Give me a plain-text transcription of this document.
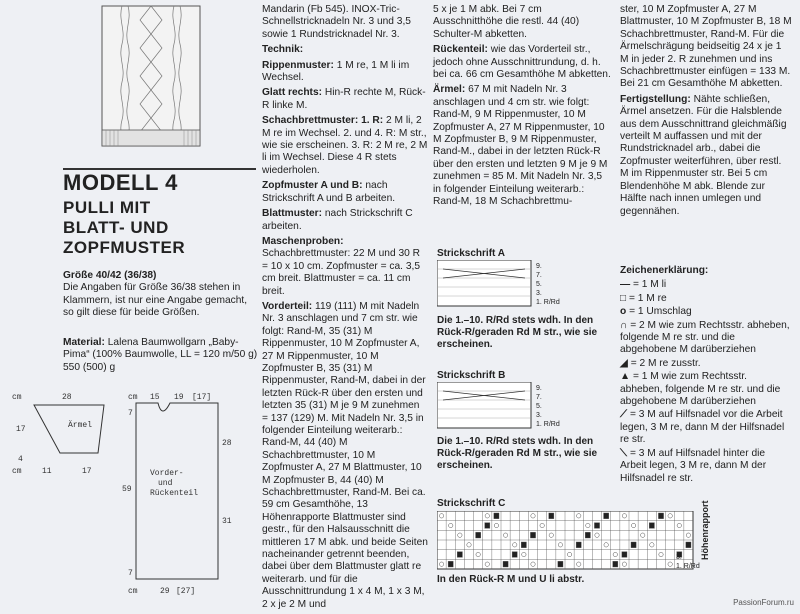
MODELL 4
PULLI MIT
BLATT- UND
ZOPFMUSTER
Größe 40/42 (36/38)
Die Angaben für Größe 36/38 stehen in Klammern, ist nur eine Angabe gemacht, so gilt diese für beide Größen.
Material: Lalena Baumwollgarn „Baby-Pima“ (100% Baumwolle, LL = 120 m/50 g) 550 (500) g
cm	28
17
4
cm	11	17
Ärmel
cm 15 19 [17]
7
28
31
59
Vorder-
und
Rückenteil
7
cm	29 [27]

Mandarin (Fb 545). INOX-Tric-Schnellstricknadeln Nr. 3 und 3,5 sowie 1 Rundstricknadel Nr. 3.

Technik:

Rippenmuster: 1 M re, 1 M li im Wechsel.

Glatt rechts: Hin-R rechte M, Rück-R linke M.

Schachbrettmuster: 1. R: 2 M li, 2 M re im Wechsel. 2. und 4. R: M str., wie sie erscheinen. 3. R: 2 M re, 2 M li im Wechsel. Diese 4 R stets wiederholen.

Zopfmuster A und B: nach Strickschrift A und B arbeiten.

Blattmuster: nach Strickschrift C arbeiten.

Maschenproben: Schachbrettmuster: 22 M und 30 R = 10 x 10 cm. Zopfmuster = ca. 3,5 cm breit. Blattmuster = ca. 11 cm breit.

Vorderteil: 119 (111) M mit Nadeln Nr. 3 anschlagen und 7 cm str. wie folgt: Rand-M, 35 (31) M Rippenmuster, 10 M Zopfmuster A, 27 M Rippenmuster, 10 M Zopfmuster B, 35 (31) M Rippenmuster, Rand-M, dabei in der letzten Rück-R über den ersten und letzten 35 (31) M je 9 M zunehmen = 137 (129) M. Mit Nadeln Nr. 3,5 in folgender Einteilung weiterarb.: Rand-M, 44 (40) M Schachbrettmuster, 10 M Zopfmuster A, 27 M Blattmuster, 10 M Zopfmuster B, 44 (40) M Schachbrettmuster, Rand-M. Bei ca. 59 cm Gesamthöhe, 13 Höhenrapporte Blattmuster sind gestr., für den Halsausschnitt die mittleren 17 M abk. und beide Seiten nacheinander getrennt beenden, dabei über dem Blattmuster glatt re weiterarb. und für die Ausschnittrundung 1 x 4 M, 1 x 3 M, 2 x je 2 M und

5 x je 1 M abk. Bei 7 cm Ausschnitthöhe die restl. 44 (40) Schulter-M abketten.

Rückenteil: wie das Vorderteil str., jedoch ohne Ausschnittrundung, d. h. bei ca. 66 cm Gesamthöhe M abketten.

Ärmel: 67 M mit Nadeln Nr. 3 anschlagen und 4 cm str. wie folgt: Rand-M, 9 M Rippenmuster, 10 M Zopfmuster A, 27 M Rippenmuster, 10 M Zopfmuster B, 9 M Rippenmuster, Rand-M., dabei in der letzten Rück-R über den ersten und letzten 9 M je 9 M zunehmen = 85 M. Mit Nadeln Nr. 3,5 in folgender Einteilung weiterarb.: Rand-M, 18 M Schachbrettmu-

ster, 10 M Zopfmuster A, 27 M Blattmuster, 10 M Zopfmuster B, 18 M Schachbrettmuster, Rand-M. Für die Ärmelschrägung beidseitig 24 x je 1 M in jeder 2. R zunehmen und ins Schachbrettmuster einfügen = 133 M. Bei 21 cm Gesamthöhe M abketten.

Fertigstellung: Nähte schließen, Ärmel ansetzen. Für die Halsblende aus dem Ausschnittrand gleichmäßig verteilt M auffassen und mit der Rundstricknadel arb., dabei die Zopfmuster weiterführen, über restl. M im Rippenmuster str. Bei 5 cm Blendenhöhe M abk. Blende zur Hälfte nach innen umlegen und gegennähen.

Strickschrift A
9.
7.
5.
3.
1. R/Rd
Die 1.–10. R/Rd stets wdh. In den Rück-R/geraden Rd M str., wie sie erscheinen.
Strickschrift B
9.
7.
5.
3.
1. R/Rd
Die 1.–10. R/Rd stets wdh. In den Rück-R/geraden Rd M str., wie sie erscheinen.
Strickschrift C
3.
1. R/Rd
Höhenrapport
In den Rück-R M und U li abstr.
Zeichenerklärung:
— = 1 M li
□ = 1 M re
o = 1 Umschlag
∩ = 2 M wie zum Rechtsstr. abheben, folgende M re str. und die abgehobene M darüberziehen
◢ = 2 M re zusstr.
▲ = 1 M wie zum Rechtsstr. abheben, folgende M re str. und die abgehobene M darüberziehen
⟋ = 3 M auf Hilfsnadel vor die Arbeit legen, 3 M re, dann M der Hilfsnadel re str.
⟍ = 3 M auf Hilfsnadel hinter die Arbeit legen, 3 M re, dann M der Hilfsnadel re str.
PassionForum.ru
